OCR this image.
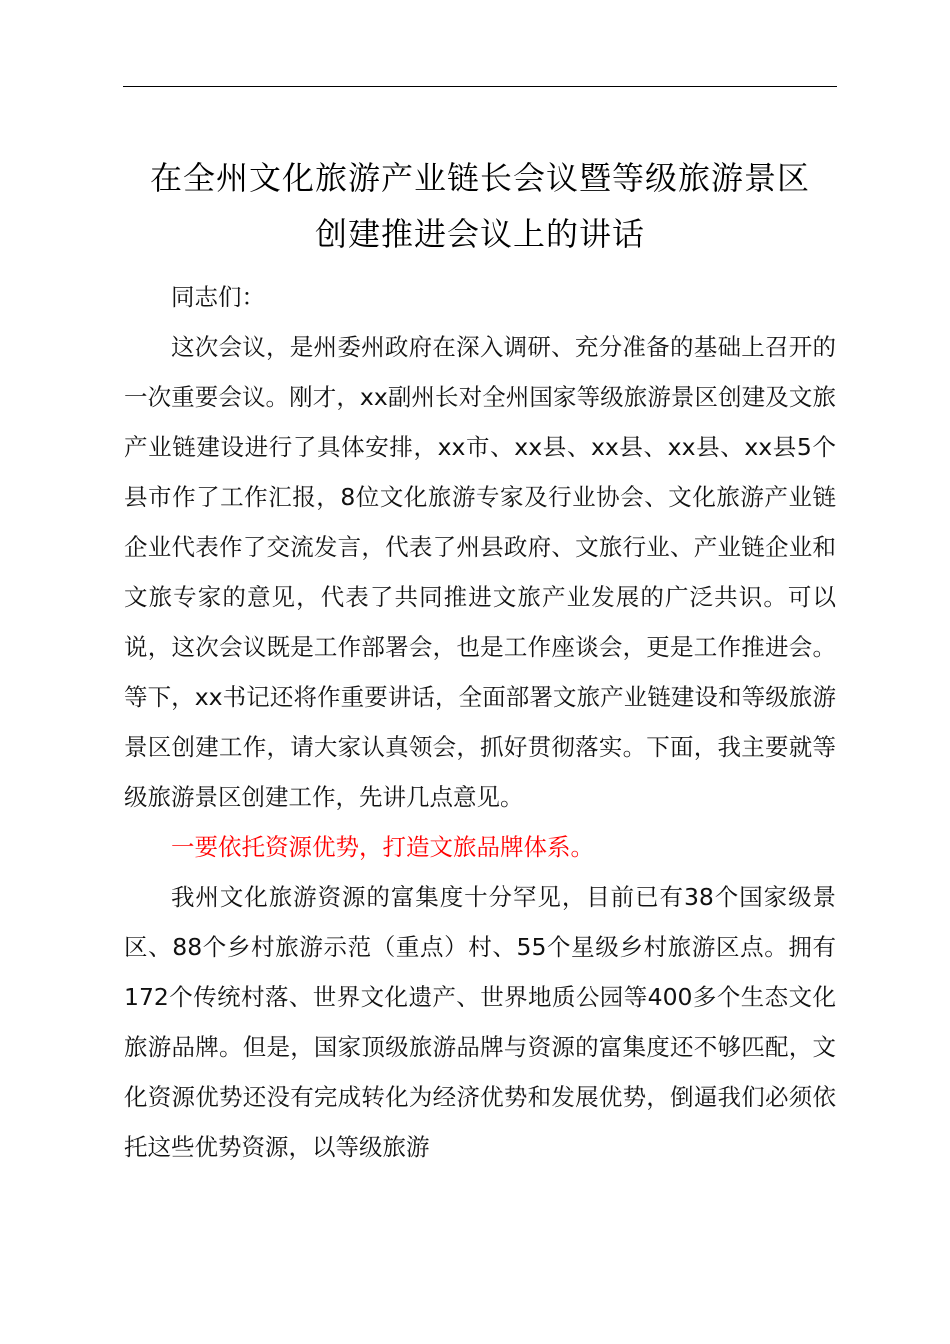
在全州文化旅游产业链长会议暨等级旅游景区
创建推进会议上的讲话

同志们：

这次会议，是州委州政府在深入调研、充分准备的基础上召开的一次重要会议。刚才，xx副州长对全州国家等级旅游景区创建及文旅产业链建设进行了具体安排，xx市、xx县、xx县、xx县、xx县5个县市作了工作汇报，8位文化旅游专家及行业协会、文化旅游产业链企业代表作了交流发言，代表了州县政府、文旅行业、产业链企业和文旅专家的意见，代表了共同推进文旅产业发展的广泛共识。可以说，这次会议既是工作部署会，也是工作座谈会，更是工作推进会。等下，xx书记还将作重要讲话，全面部署文旅产业链建设和等级旅游景区创建工作，请大家认真领会，抓好贯彻落实。下面，我主要就等级旅游景区创建工作，先讲几点意见。

一要依托资源优势，打造文旅品牌体系。

我州文化旅游资源的富集度十分罕见，目前已有38个国家级景区、88个乡村旅游示范（重点）村、55个星级乡村旅游区点。拥有172个传统村落、世界文化遗产、世界地质公园等400多个生态文化旅游品牌。但是，国家顶级旅游品牌与资源的富集度还不够匹配，文化资源优势还没有完成转化为经济优势和发展优势，倒逼我们必须依托这些优势资源，以等级旅游
